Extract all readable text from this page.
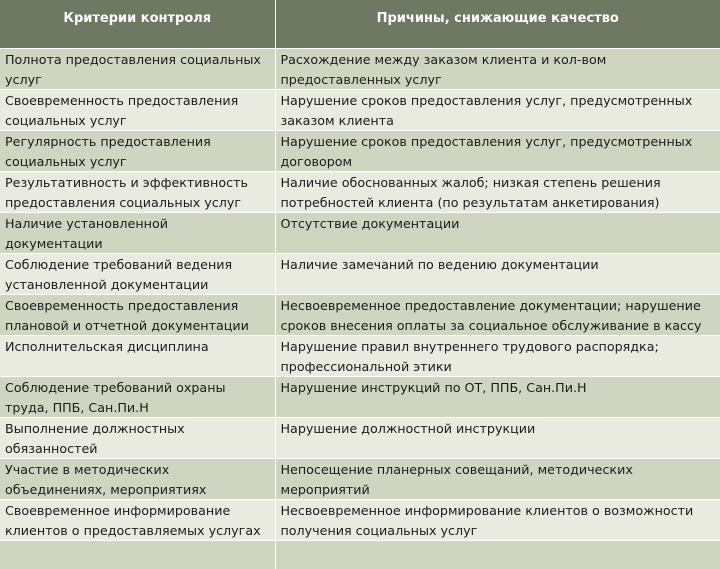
Критерии контроля	Причины, снижающие качество

Полнота предоставления социальных
услуг	Расхождение между заказом клиента и кол-вом
предоставленных услуг

Своевременность предоставления
социальных услуг	Нарушение сроков предоставления услуг, предусмотренных
заказом клиента

Регулярность предоставления
социальных услуг	Нарушение сроков предоставления услуг, предусмотренных
договором

Результативность и эффективность
предоставления социальных услуг	Наличие обоснованных жалоб; низкая степень решения
потребностей клиента (по результатам анкетирования)

Наличие установленной
документации	Отсутствие документации

Соблюдение требований ведения
установленной документации	Наличие замечаний по ведению документации

Своевременность предоставления
плановой и отчетной документации	Несвоевременное предоставление документации; нарушение
сроков внесения оплаты за социальное обслуживание в кассу

Исполнительская дисциплина	Нарушение правил внутреннего трудового распорядка;
профессиональной этики

Соблюдение требований охраны
труда, ППБ, Сан.Пи.Н	Нарушение инструкций по ОТ, ППБ, Сан.Пи.Н

Выполнение должностных
обязанностей	Нарушение должностной инструкции

Участие в методических
объединениях, мероприятиях	Непосещение планерных совещаний, методических
мероприятий

Своевременное информирование
клиентов о предоставляемых услугах	Несвоевременное информирование клиентов о возможности
получения социальных услуг
